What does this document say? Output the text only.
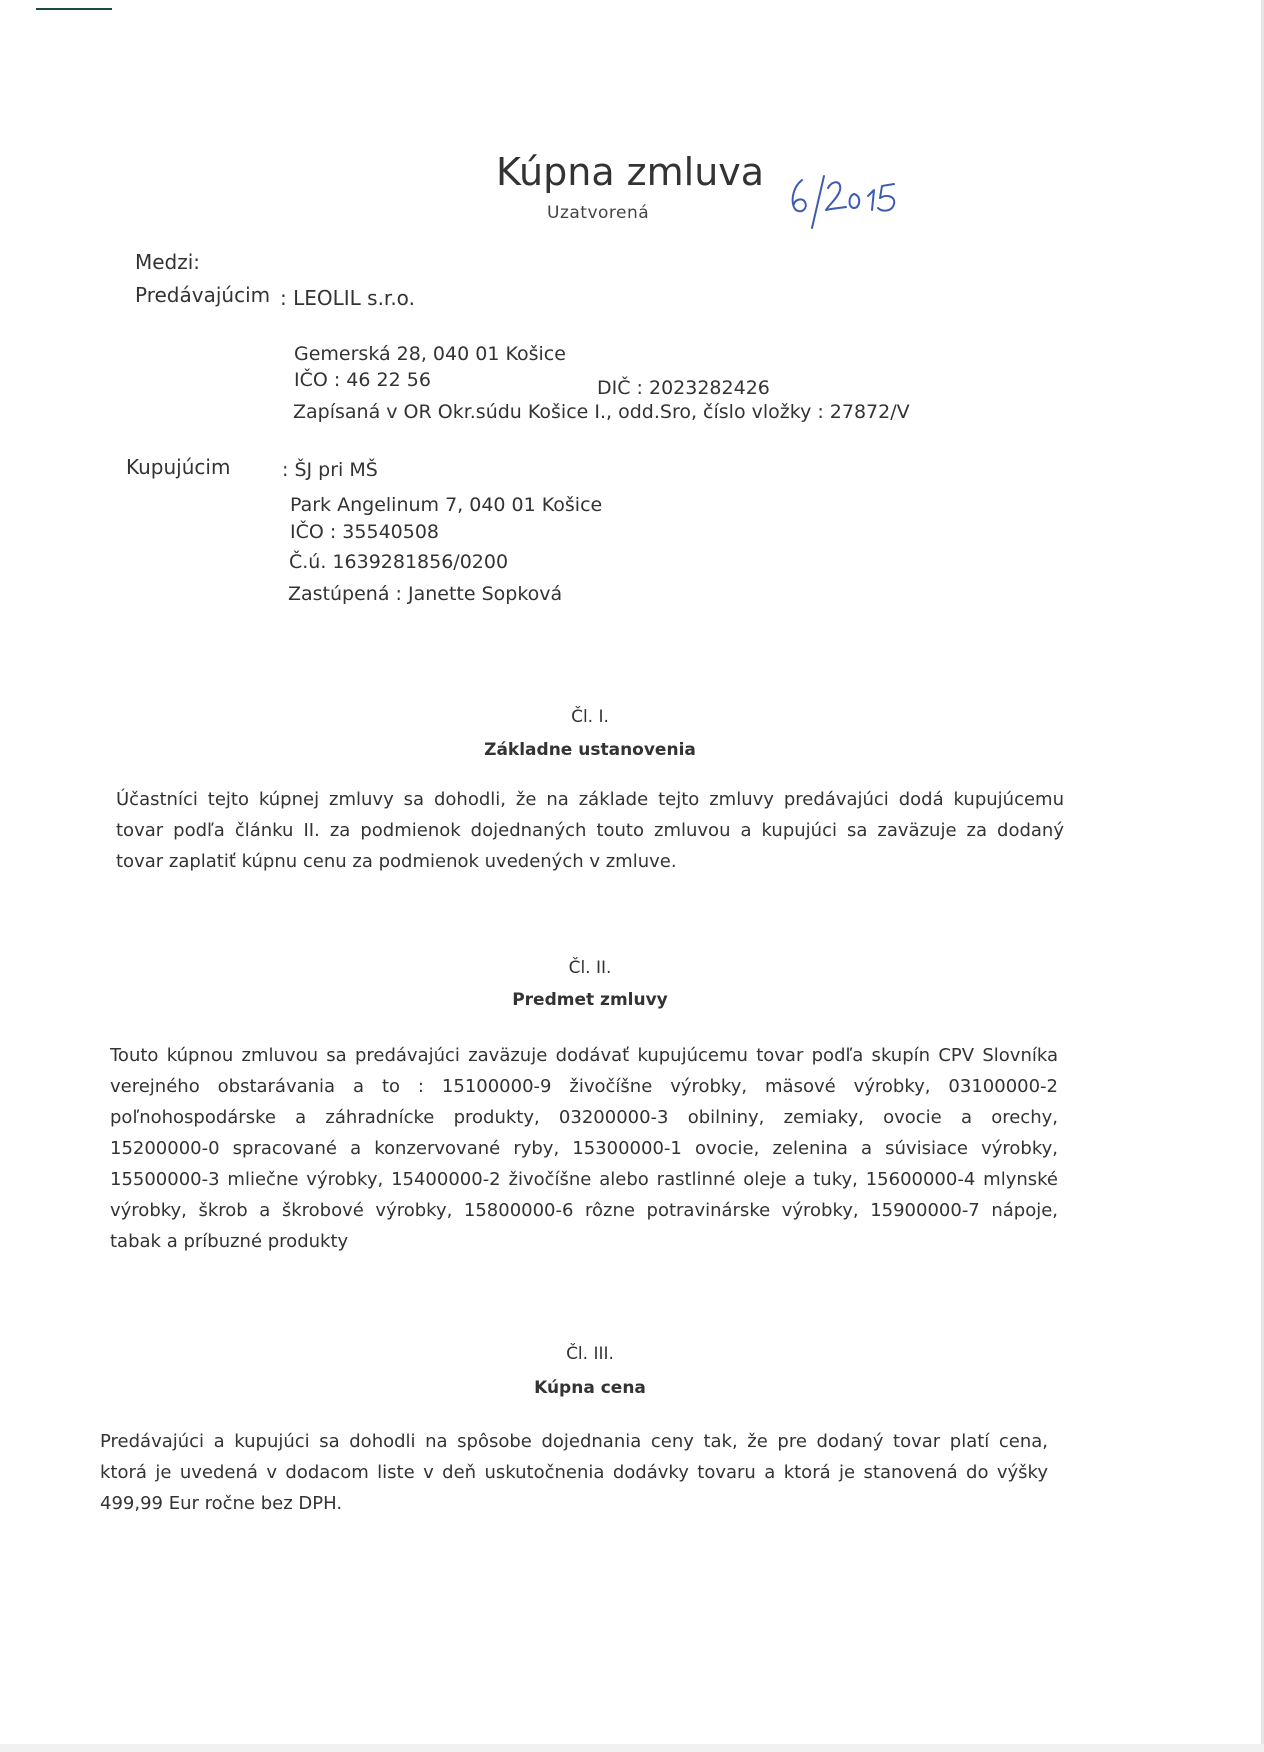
Kúpna zmluva
Uzatvorená
Medzi:
Predávajúcim : LEOLIL s.r.o.
Gemerská 28, 040 01 Košice
IČO : 46 22 56	DIČ : 2023282426
Zapísaná v OR Okr.súdu Košice I., odd.Sro, číslo vložky : 27872/V
Kupujúcim	: ŠJ pri MŠ
Park Angelinum 7, 040 01 Košice
IČO : 35540508
Č.ú. 1639281856/0200
Zastúpená : Janette Sopková
Čl. I.
Základne ustanovenia
Účastníci tejto kúpnej zmluvy sa dohodli, že na základe tejto zmluvy predávajúci dodá kupujúcemu
tovar podľa článku II. za podmienok dojednaných touto zmluvou a kupujúci sa zaväzuje za dodaný
tovar zaplatiť kúpnu cenu za podmienok uvedených v zmluve.
Čl. II.
Predmet zmluvy
Touto kúpnou zmluvou sa predávajúci zaväzuje dodávať kupujúcemu tovar podľa skupín CPV Slovníka
verejného obstarávania a to : 15100000-9 živočíšne výrobky, mäsové výrobky, 03100000-2
poľnohospodárske a záhradnícke produkty, 03200000-3 obilniny, zemiaky, ovocie a orechy,
15200000-0 spracované a konzervované ryby, 15300000-1 ovocie, zelenina a súvisiace výrobky,
15500000-3 mliečne výrobky, 15400000-2 živočíšne alebo rastlinné oleje a tuky, 15600000-4 mlynské
výrobky, škrob a škrobové výrobky, 15800000-6 rôzne potravinárske výrobky, 15900000-7 nápoje,
tabak a príbuzné produkty
Čl. III.
Kúpna cena
Predávajúci a kupujúci sa dohodli na spôsobe dojednania ceny tak, že pre dodaný tovar platí cena,
ktorá je uvedená v dodacom liste v deň uskutočnenia dodávky tovaru a ktorá je stanovená do výšky
499,99 Eur ročne bez DPH.
